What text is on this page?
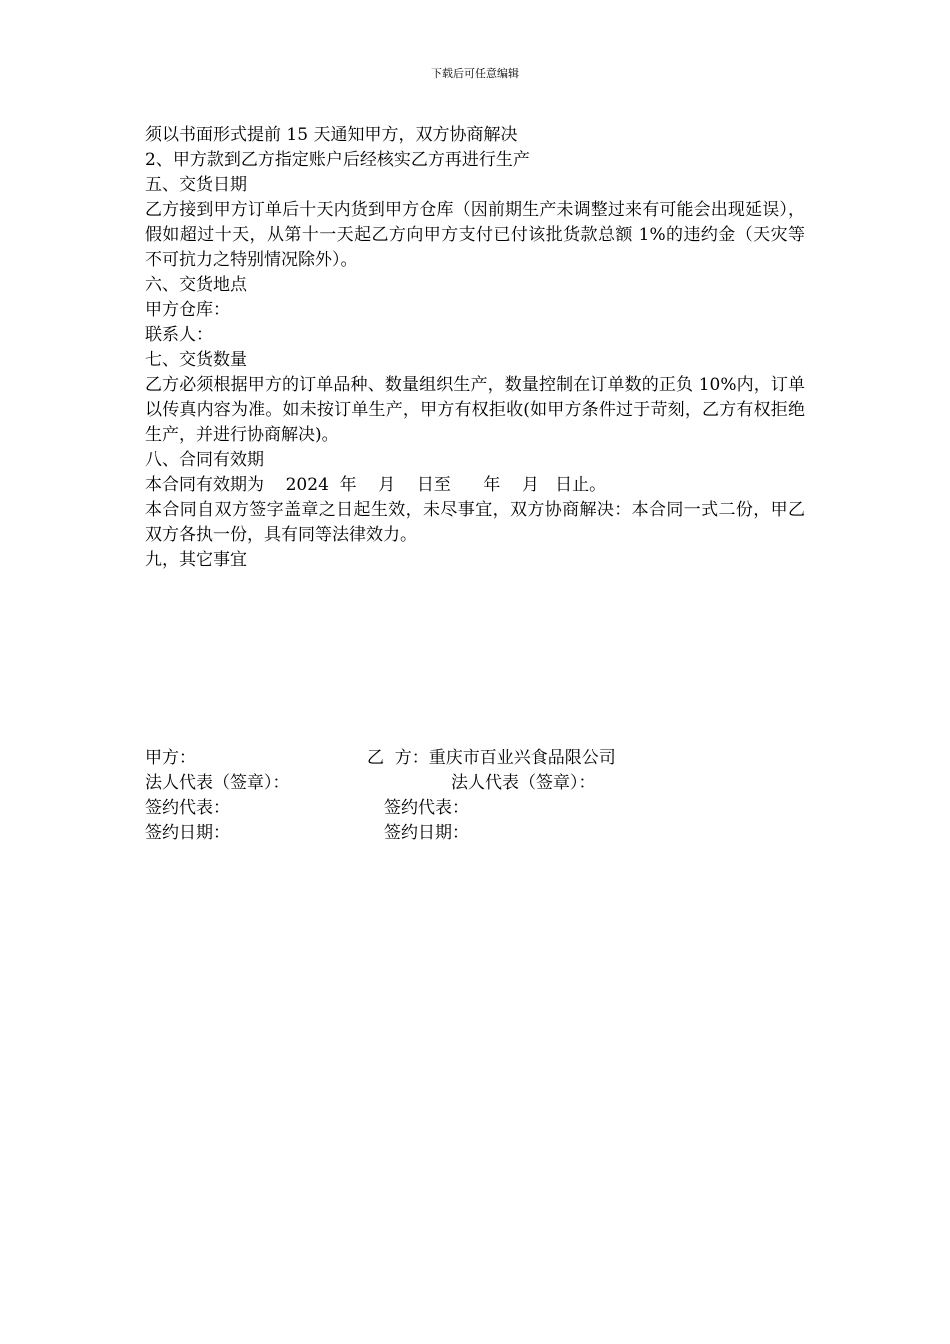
下载后可任意编辑
须以书面形式提前 15 天通知甲方，双方协商解决
2、甲方款到乙方指定账户后经核实乙方再进行生产
五、交货日期
乙方接到甲方订单后十天内货到甲方仓库（因前期生产未调整过来有可能会出现延误），假如超过十天，从第十一天起乙方向甲方支付已付该批货款总额 1%的违约金（天灾等不可抗力之特别情况除外）。
六、交货地点
甲方仓库：
联系人：
七、交货数量
乙方必须根据甲方的订单品种、数量组织生产，数量控制在订单数的正负 10%内，订单以传真内容为准。如未按订单生产，甲方有权拒收(如甲方条件过于苛刻，乙方有权拒绝生产，并进行协商解决)。
八、合同有效期
本合同有效期为    2024  年    月    日至      年    月   日止。
本合同自双方签字盖章之日起生效，未尽事宜，双方协商解决：本合同一式二份，甲乙双方各执一份，具有同等法律效力。
九，其它事宜
甲方：	乙  方：重庆市百业兴食品限公司
法人代表（签章）：	法人代表（签章）：
签约代表：	签约代表：
签约日期：	签约日期：
